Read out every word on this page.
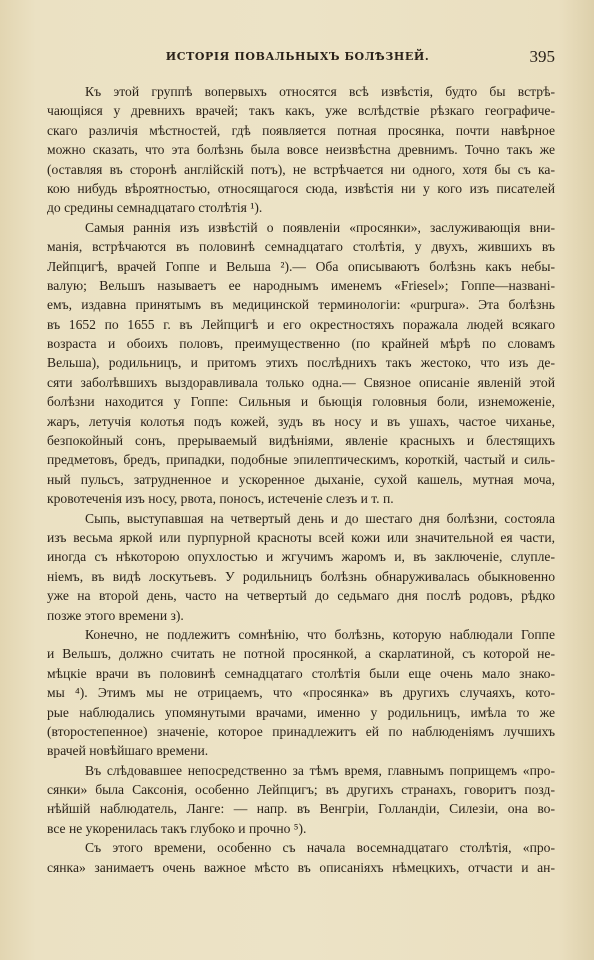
ИСТОРІЯ ПОВАЛЬНЫХЪ БОЛѢЗНЕЙ.	395
Къ этой группѣ вопервыхъ относятся всѣ извѣстія, будто бы встрѣ-
чающіяся у древнихъ врачей; такъ какъ, уже вслѣдствіе рѣзкаго географиче-
скаго различія мѣстностей, гдѣ появляется потная просянка, почти навѣрное
можно сказать, что эта болѣзнь была вовсе неизвѣстна древнимъ. Точно такъ же
(оставляя въ сторонѣ англійскій потъ), не встрѣчается ни одного, хотя бы съ ка-
кою нибудь вѣроятностью, относящагося сюда, извѣстія ни у кого изъ писателей
до средины семнадцатаго столѣтія ¹).
Самыя раннія изъ извѣстій о появленіи «просянки», заслуживающія вни-
манія, встрѣчаются въ половинѣ семнадцатаго столѣтія, у двухъ, жившихъ въ
Лейпцигѣ, врачей Гоппе и Вельша ²).— Оба описываютъ болѣзнь какъ небы-
валую; Вельшъ называетъ ее народнымъ именемъ «Friesel»; Гоппе—названі-
емъ, издавна принятымъ въ медицинской терминологіи: «purpura». Эта болѣзнь
въ 1652 по 1655 г. въ Лейпцигѣ и его окрестностяхъ поражала людей всякаго
возраста и обоихъ половъ, преимущественно (по крайней мѣрѣ по словамъ
Вельша), родильницъ, и притомъ этихъ послѣднихъ такъ жестоко, что изъ де-
сяти заболѣвшихъ выздоравливала только одна.— Связное описаніе явленій этой
болѣзни находится у Гоппе: Сильныя и бьющія головныя боли, изнеможеніе,
жаръ, летучія колотья подъ кожей, зудъ въ носу и въ ушахъ, частое чиханье,
безпокойный сонъ, прерываемый видѣніями, явленіе красныхъ и блестящихъ
предметовъ, бредъ, припадки, подобные эпилептическимъ, короткій, частый и силь-
ный пульсъ, затрудненное и ускоренное дыханіе, сухой кашель, мутная моча,
кровотеченія изъ носу, рвота, поносъ, истеченіе слезъ и т. п.
Сыпь, выступавшая на четвертый день и до шестаго дня болѣзни, состояла
изъ весьма яркой или пурпурной красноты всей кожи или значительной ея части,
иногда съ нѣкоторою опухлостью и жгучимъ жаромъ и, въ заключеніе, слупле-
ніемъ, въ видѣ лоскутьевъ. У родильницъ болѣзнь обнаруживалась обыкновенно
уже на второй день, часто на четвертый до седьмаго дня послѣ родовъ, рѣдко
позже этого времени з).
Конечно, не подлежитъ сомнѣнію, что болѣзнь, которую наблюдали Гоппе
и Вельшъ, должно считать не потной просянкой, а скарлатиной, съ которой не-
мѣцкіе врачи въ половинѣ семнадцатаго столѣтія были еще очень мало знако-
мы ⁴). Этимъ мы не отрицаемъ, что «просянка» въ другихъ случаяхъ, кото-
рые наблюдались упомянутыми врачами, именно у родильницъ, имѣла то же
(второстепенное) значеніе, которое принадлежитъ ей по наблюденіямъ лучшихъ
врачей новѣйшаго времени.
Въ слѣдовавшее непосредственно за тѣмъ время, главнымъ поприщемъ «про-
сянки» была Саксонія, особенно Лейпцигъ; въ другихъ странахъ, говоритъ позд-
нѣйшій наблюдатель, Ланге: — напр. въ Венгріи, Голландіи, Силезіи, она во-
все не укоренилась такъ глубоко и прочно ⁵).
Съ этого времени, особенно съ начала восемнадцатаго столѣтія, «про-
сянка» занимаетъ очень важное мѣсто въ описаніяхъ нѣмецкихъ, отчасти и ан-
